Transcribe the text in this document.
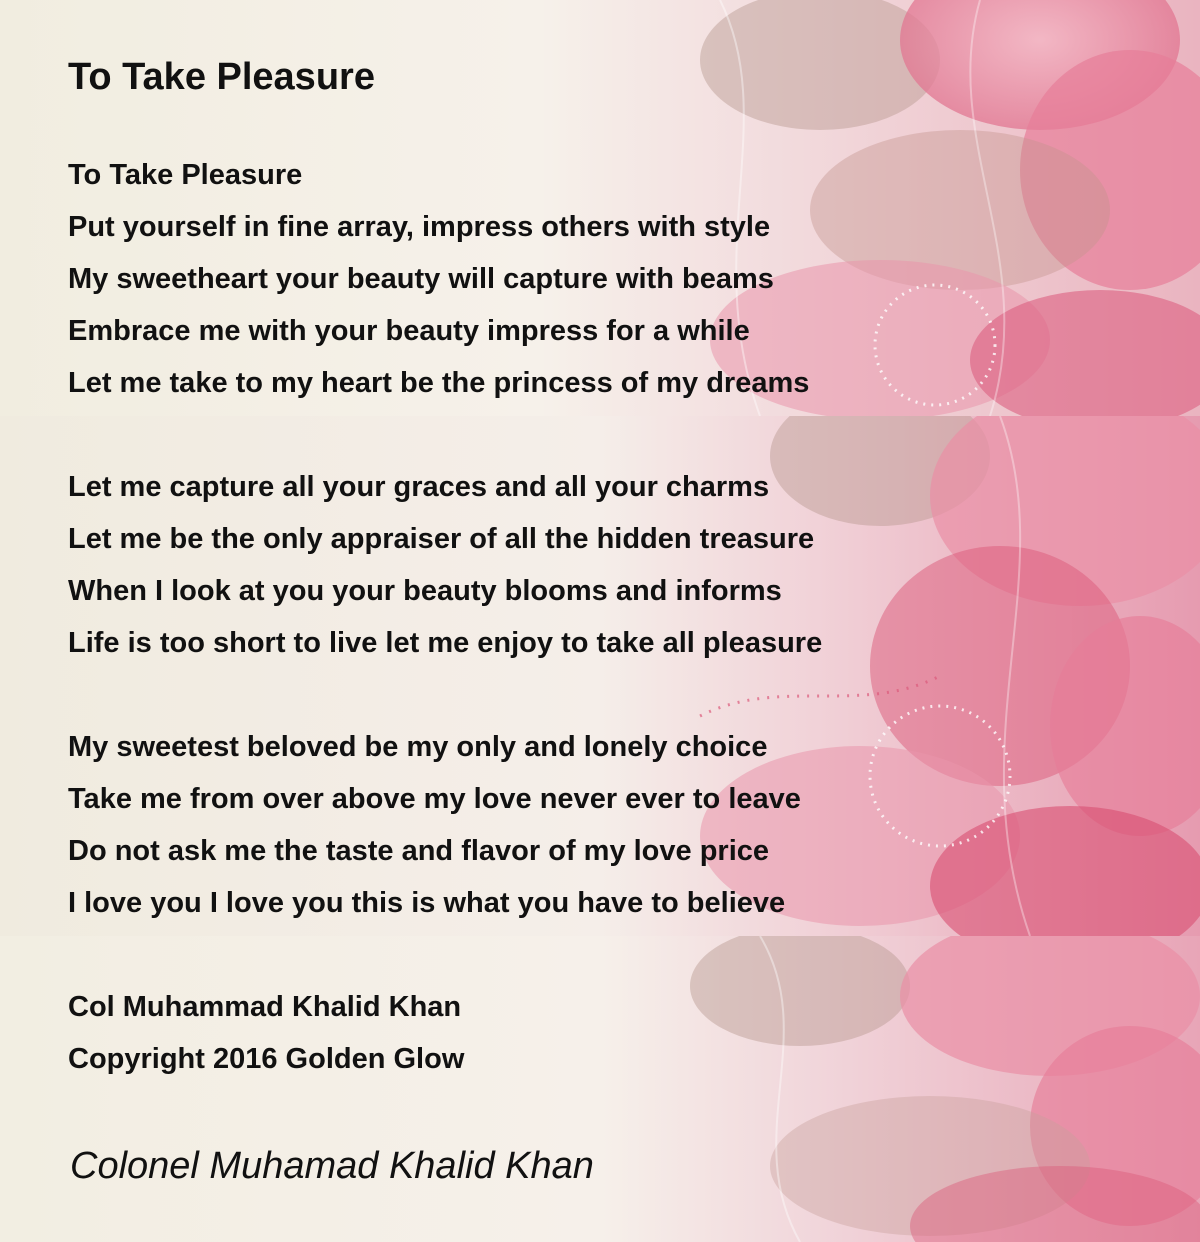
To Take Pleasure

To Take Pleasure

Put yourself in fine array, impress others with style

My sweetheart your beauty will capture with beams

Embrace me with your beauty impress for a while

Let me take to my heart be the princess of my dreams

Let me capture all your graces and all your charms

Let me be the only appraiser of all the hidden treasure

When I look at you your beauty blooms and informs

Life is too short to live let me enjoy to take all pleasure

My sweetest beloved be my only and lonely choice

Take me from over above my love never ever to leave

Do not ask me the taste and flavor of my love price

I love you I love you this is what you have to believe

Col Muhammad Khalid Khan

Copyright 2016 Golden Glow

Colonel Muhamad Khalid Khan
